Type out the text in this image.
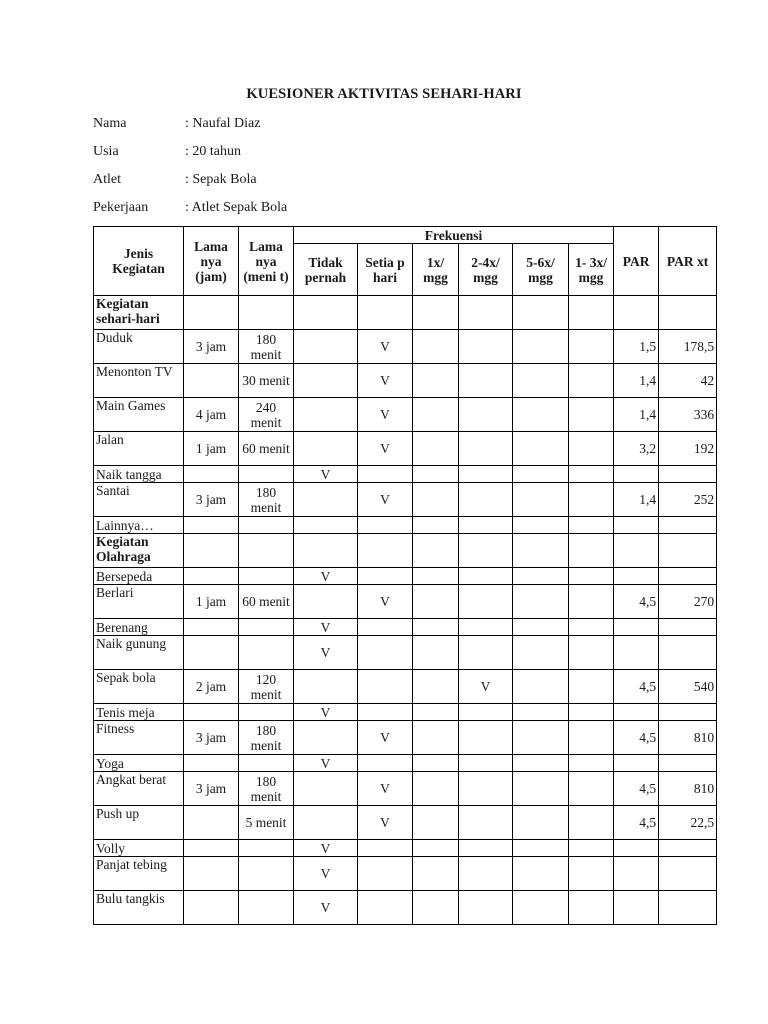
KUESIONER AKTIVITAS SEHARI-HARI
Nama	: Naufal Diaz
Usia	: 20 tahun
Atlet	: Sepak Bola
Pekerjaan	: Atlet Sepak Bola
Jenis Kegiatan	Lama nya (jam)	Lama nya (meni t)	Frekuensi						PAR	PAR xt
			Tidak pernah	Setia p hari	1x/ mgg	2-4x/ mgg	5-6x/ mgg	1- 3x/ mgg		
Kegiatan sehari-hari										
Duduk	3 jam	180 menit		V					1,5	178,5
Menonton TV		30 menit		V					1,4	42
Main Games	4 jam	240 menit		V					1,4	336
Jalan	1 jam	60 menit		V					3,2	192
Naik tangga			V							
Santai	3 jam	180 menit		V					1,4	252
Lainnya…										
Kegiatan Olahraga										
Bersepeda			V							
Berlari	1 jam	60 menit		V					4,5	270
Berenang			V							
Naik gunung			V							
Sepak bola	2 jam	120 menit				V			4,5	540
Tenis meja			V							
Fitness	3 jam	180 menit		V					4,5	810
Yoga			V							
Angkat berat	3 jam	180 menit		V					4,5	810
Push up		5 menit		V					4,5	22,5
Volly			V							
Panjat tebing			V							
Bulu tangkis			V							
